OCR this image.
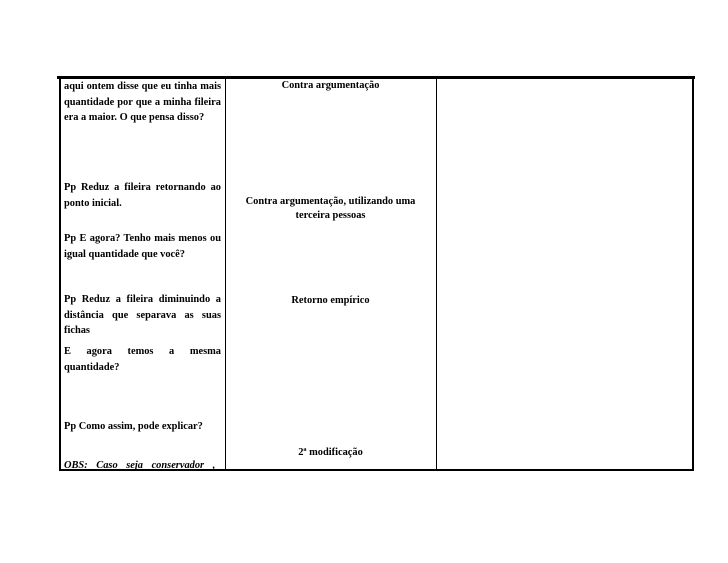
aqui ontem disse que eu tinha mais quantidade por que a minha fileira era a maior. O que pensa disso?
Pp Reduz a fileira retornando ao ponto inicial.
Pp E agora? Tenho mais menos ou igual quantidade que você?
Pp Reduz a fileira diminuindo a distância que separava as suas fichas
E agora temos a mesma quantidade?
Pp Como assim, pode explicar?
OBS: Caso seja conservador ,
Contra argumentação
Contra argumentação, utilizando uma terceira pessoas
Retorno empírico
2ª modificação
